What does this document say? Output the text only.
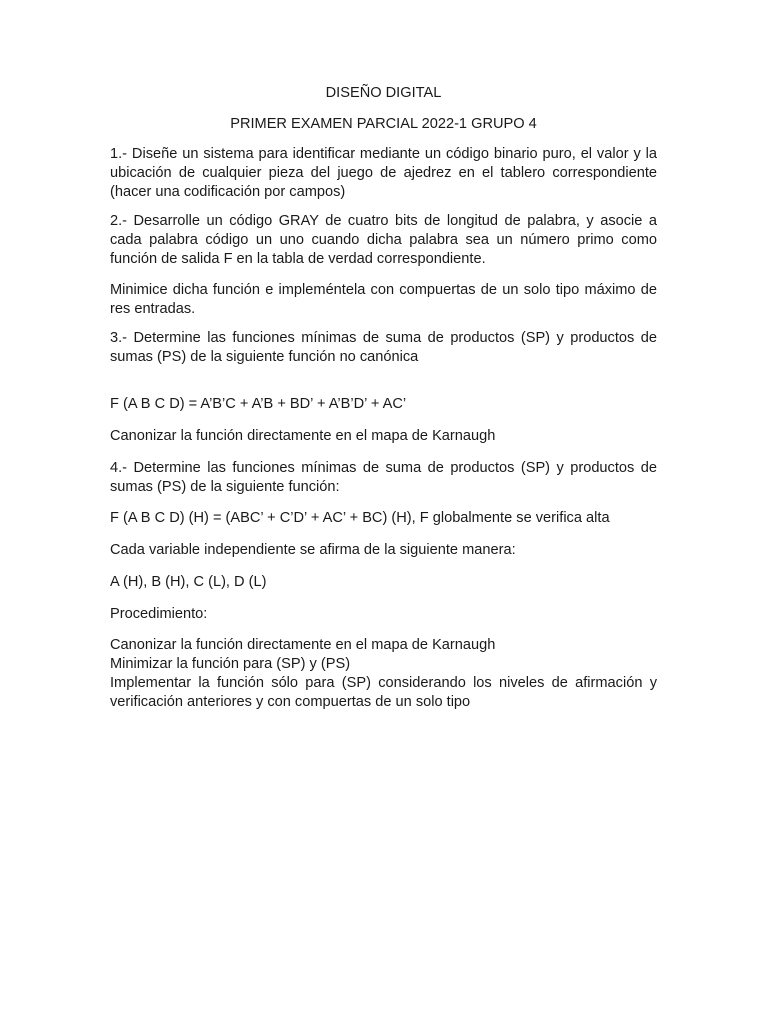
DISEÑO DIGITAL

PRIMER EXAMEN PARCIAL 2022-1 GRUPO 4

1.- Diseñe un sistema para identificar mediante un código binario puro, el valor y la ubicación de cualquier pieza del juego de ajedrez en el tablero correspondiente (hacer una codificación por campos)

2.- Desarrolle un código GRAY de cuatro bits de longitud de palabra, y asocie a cada palabra código un uno cuando dicha palabra sea un número primo como función de salida F en la tabla de verdad correspondiente.

Minimice dicha función e impleméntela con compuertas de un solo tipo máximo de res entradas.

3.- Determine las funciones mínimas de suma de productos (SP) y productos de sumas (PS) de la siguiente función no canónica

F (A B C D) = A’B’C + A’B + BD’ + A’B’D’ + AC’

Canonizar la función directamente en el mapa de Karnaugh

4.- Determine las funciones mínimas de suma de productos (SP) y productos de sumas (PS) de la siguiente función:

F (A B C D) (H) = (ABC’ + C’D’ + AC’ + BC) (H), F globalmente se verifica alta

Cada variable independiente se afirma de la siguiente manera:

A (H), B (H), C (L), D (L)

Procedimiento:

Canonizar la función directamente en el mapa de Karnaugh

Minimizar la función para (SP) y (PS)

Implementar la función sólo para (SP) considerando los niveles de afirmación y verificación anteriores y con compuertas de un solo tipo
